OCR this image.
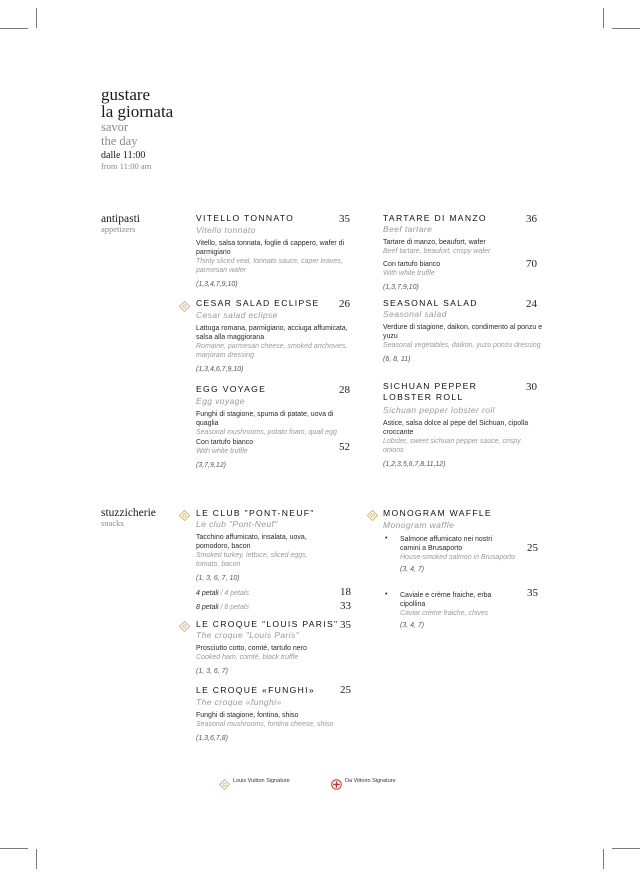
gustare
la giornata
savor
the day
dalle 11:00
from 11:00 am
antipasti
appetizers
VITELLO TONNATO
Vitello tonnato
Vitello, salsa tonnata, foglie di cappero, wafer di parmigiano
Thinly sliced veal, tonnato sauce, caper leaves, parmesan wafer
(1,3,4,7,9,10)
35
CESAR SALAD ECLIPSE
Cesar salad eclipse
Lattuga romana, parmigiano, acciuga affumicata, salsa alla maggiorana
Romaine, parmesan cheese, smoked anchovies, marjoram dressing
(1,3,4,6,7,9,10)
26
EGG VOYAGE
Egg voyage
Funghi di stagione, spuma di patate, uova di quaglia
Seasonal mushrooms, potato foam, quail egg
Con tartufo bianco
With white truffle
(3,7,9,12)
28
52
TARTARE DI MANZO
Beef tartare
Tartare di manzo, beaufort, wafer
Beef tartare, beaufort, crispy wafer
Con tartufo bianco
With white truffle
(1,3,7,9,10)
36
70
SEASONAL SALAD
Seasonal salad
Verdure di stagione, daikon, condimento al ponzu e yuzu
Seasonal vegetables, daikon, yuzu ponzu dressing
(6, 8, 11)
24
SICHUAN PEPPER LOBSTER ROLL
Sichuan pepper lobster roll
Astice, salsa dolce al pepe del Sichuan, cipolla croccante
Lobster, sweet sichuan pepper sauce, crispy onions
(1,2,3,5,6,7,8,11,12)
30
stuzzicherie
snacks
LE CLUB "PONT-NEUF"
Le club "Pont-Neuf"
Tacchino affumicato, insalata, uova, pomodoro, bacon
Smoked turkey, lettuce, sliced eggs, tomato, bacon
(1, 3, 6, 7, 10)
4 petali / 4 petals
8 petali / 8 petals
18
33
LE CROQUE "LOUIS PARIS"
The croque "Louis Paris"
Prosciutto cotto, comté, tartufo nero
Cooked ham, comté, black truffle
(1, 3, 6, 7)
35
LE CROQUE «FUNGHI»
The croque «funghi»
Funghi di stagione, fontina, shiso
Seasonal mushrooms, fontina cheese, shiso
(1,3,6,7,8)
25
MONOGRAM WAFFLE
Monogram waffle
• Salmone affumicato nei nostri camini a Brusaporto
House-smoked salmon in Brusaporto
(3, 4, 7)
25
• Caviale e crème fraiche, erba cipollina
Caviar crème fraiche, chives
(3, 4, 7)
35
Louis Vuitton Signature	Da Vittorio Signature
